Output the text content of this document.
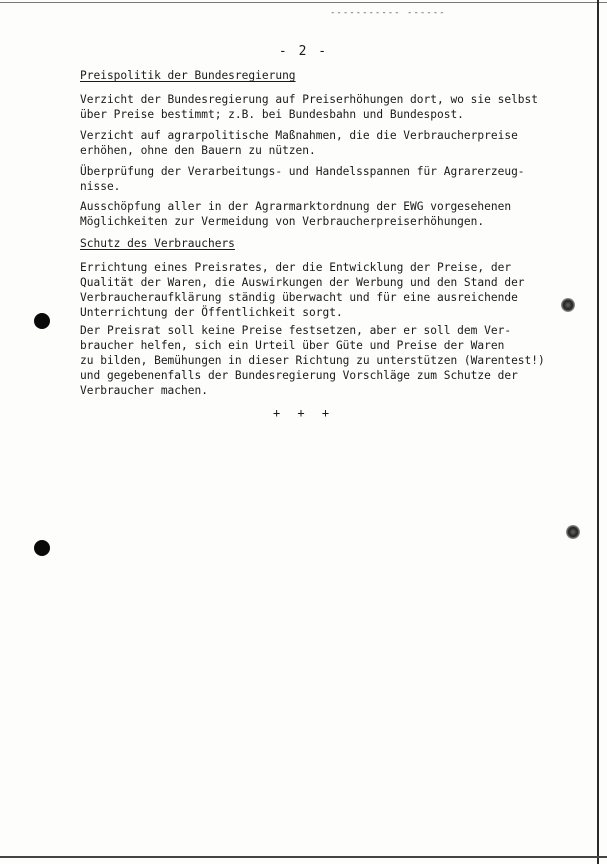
----------- ------
- 2 -
Preispolitik der Bundesregierung
Verzicht der Bundesregierung auf Preiserhöhungen dort, wo sie selbst
über Preise bestimmt; z.B. bei Bundesbahn und Bundespost.
Verzicht auf agrarpolitische Maßnahmen, die die Verbraucherpreise
erhöhen, ohne den Bauern zu nützen.
Überprüfung der Verarbeitungs- und Handelsspannen für Agrarerzeug-
nisse.
Ausschöpfung aller in der Agrarmarktordnung der EWG vorgesehenen
Möglichkeiten zur Vermeidung von Verbraucherpreiserhöhungen.
Schutz des Verbrauchers
Errichtung eines Preisrates, der die Entwicklung der Preise, der
Qualität der Waren, die Auswirkungen der Werbung und den Stand der
Verbraucheraufklärung ständig überwacht und für eine ausreichende
Unterrichtung der Öffentlichkeit sorgt.
Der Preisrat soll keine Preise festsetzen, aber er soll dem Ver-
braucher helfen, sich ein Urteil über Güte und Preise der Waren
zu bilden, Bemühungen in dieser Richtung zu unterstützen (Warentest!)
und gegebenenfalls der Bundesregierung Vorschläge zum Schutze der
Verbraucher machen.
+ + +
